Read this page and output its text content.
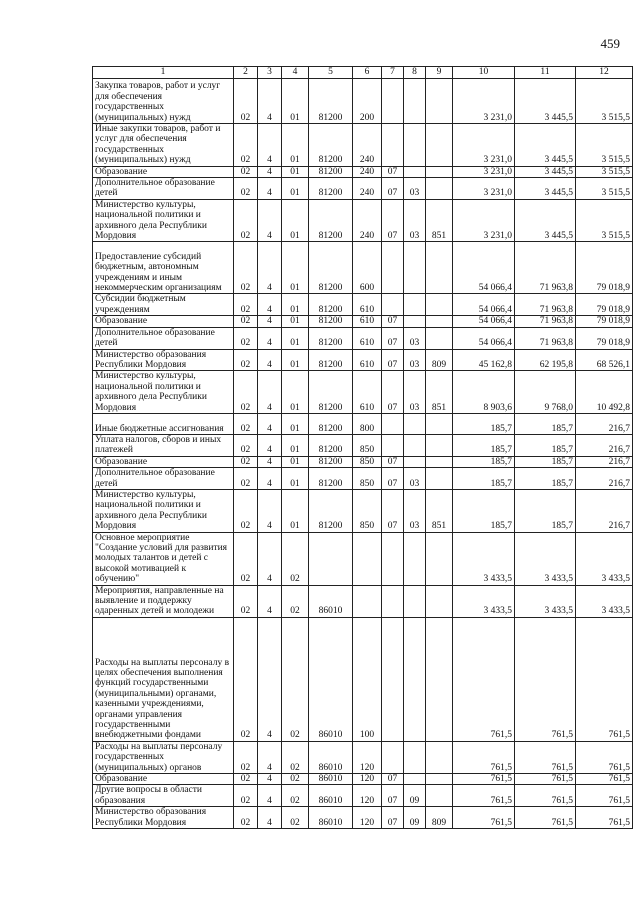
459
1	2	3	4	5	6	7	8	9	10	11	12
Закупка товаров, работ и услуг для обеспечения государственных (муниципальных) нужд	02	4	01	81200	200				3 231,0	3 445,5	3 515,5
Иные закупки товаров, работ и услуг для обеспечения государственных (муниципальных) нужд	02	4	01	81200	240				3 231,0	3 445,5	3 515,5
Образование	02	4	01	81200	240	07			3 231,0	3 445,5	3 515,5
Дополнительное образование детей	02	4	01	81200	240	07	03		3 231,0	3 445,5	3 515,5
Министерство культуры, национальной политики и архивного дела Республики Мордовия	02	4	01	81200	240	07	03	851	3 231,0	3 445,5	3 515,5
Предоставление субсидий бюджетным, автономным учреждениям и иным некоммерческим организациям	02	4	01	81200	600				54 066,4	71 963,8	79 018,9
Субсидии бюджетным учреждениям	02	4	01	81200	610				54 066,4	71 963,8	79 018,9
Образование	02	4	01	81200	610	07			54 066,4	71 963,8	79 018,9
Дополнительное образование детей	02	4	01	81200	610	07	03		54 066,4	71 963,8	79 018,9
Министерство образования Республики Мордовия	02	4	01	81200	610	07	03	809	45 162,8	62 195,8	68 526,1
Министерство культуры, национальной политики и архивного дела Республики Мордовия	02	4	01	81200	610	07	03	851	8 903,6	9 768,0	10 492,8
Иные бюджетные ассигнования	02	4	01	81200	800				185,7	185,7	216,7
Уплата налогов, сборов и иных платежей	02	4	01	81200	850				185,7	185,7	216,7
Образование	02	4	01	81200	850	07			185,7	185,7	216,7
Дополнительное образование детей	02	4	01	81200	850	07	03		185,7	185,7	216,7
Министерство культуры, национальной политики и архивного дела Республики Мордовия	02	4	01	81200	850	07	03	851	185,7	185,7	216,7
Основное мероприятие "Создание условий для развития молодых талантов и детей с высокой мотивацией к обучению"	02	4	02						3 433,5	3 433,5	3 433,5
Мероприятия, направленные на выявление и поддержку одаренных детей и молодежи	02	4	02	86010					3 433,5	3 433,5	3 433,5
Расходы на выплаты персоналу в целях обеспечения выполнения функций государственными (муниципальными) органами, казенными учреждениями, органами управления государственными внебюджетными фондами	02	4	02	86010	100				761,5	761,5	761,5
Расходы на выплаты персоналу государственных (муниципальных) органов	02	4	02	86010	120				761,5	761,5	761,5
Образование	02	4	02	86010	120	07			761,5	761,5	761,5
Другие вопросы в области образования	02	4	02	86010	120	07	09		761,5	761,5	761,5
Министерство образования Республики Мордовия	02	4	02	86010	120	07	09	809	761,5	761,5	761,5
